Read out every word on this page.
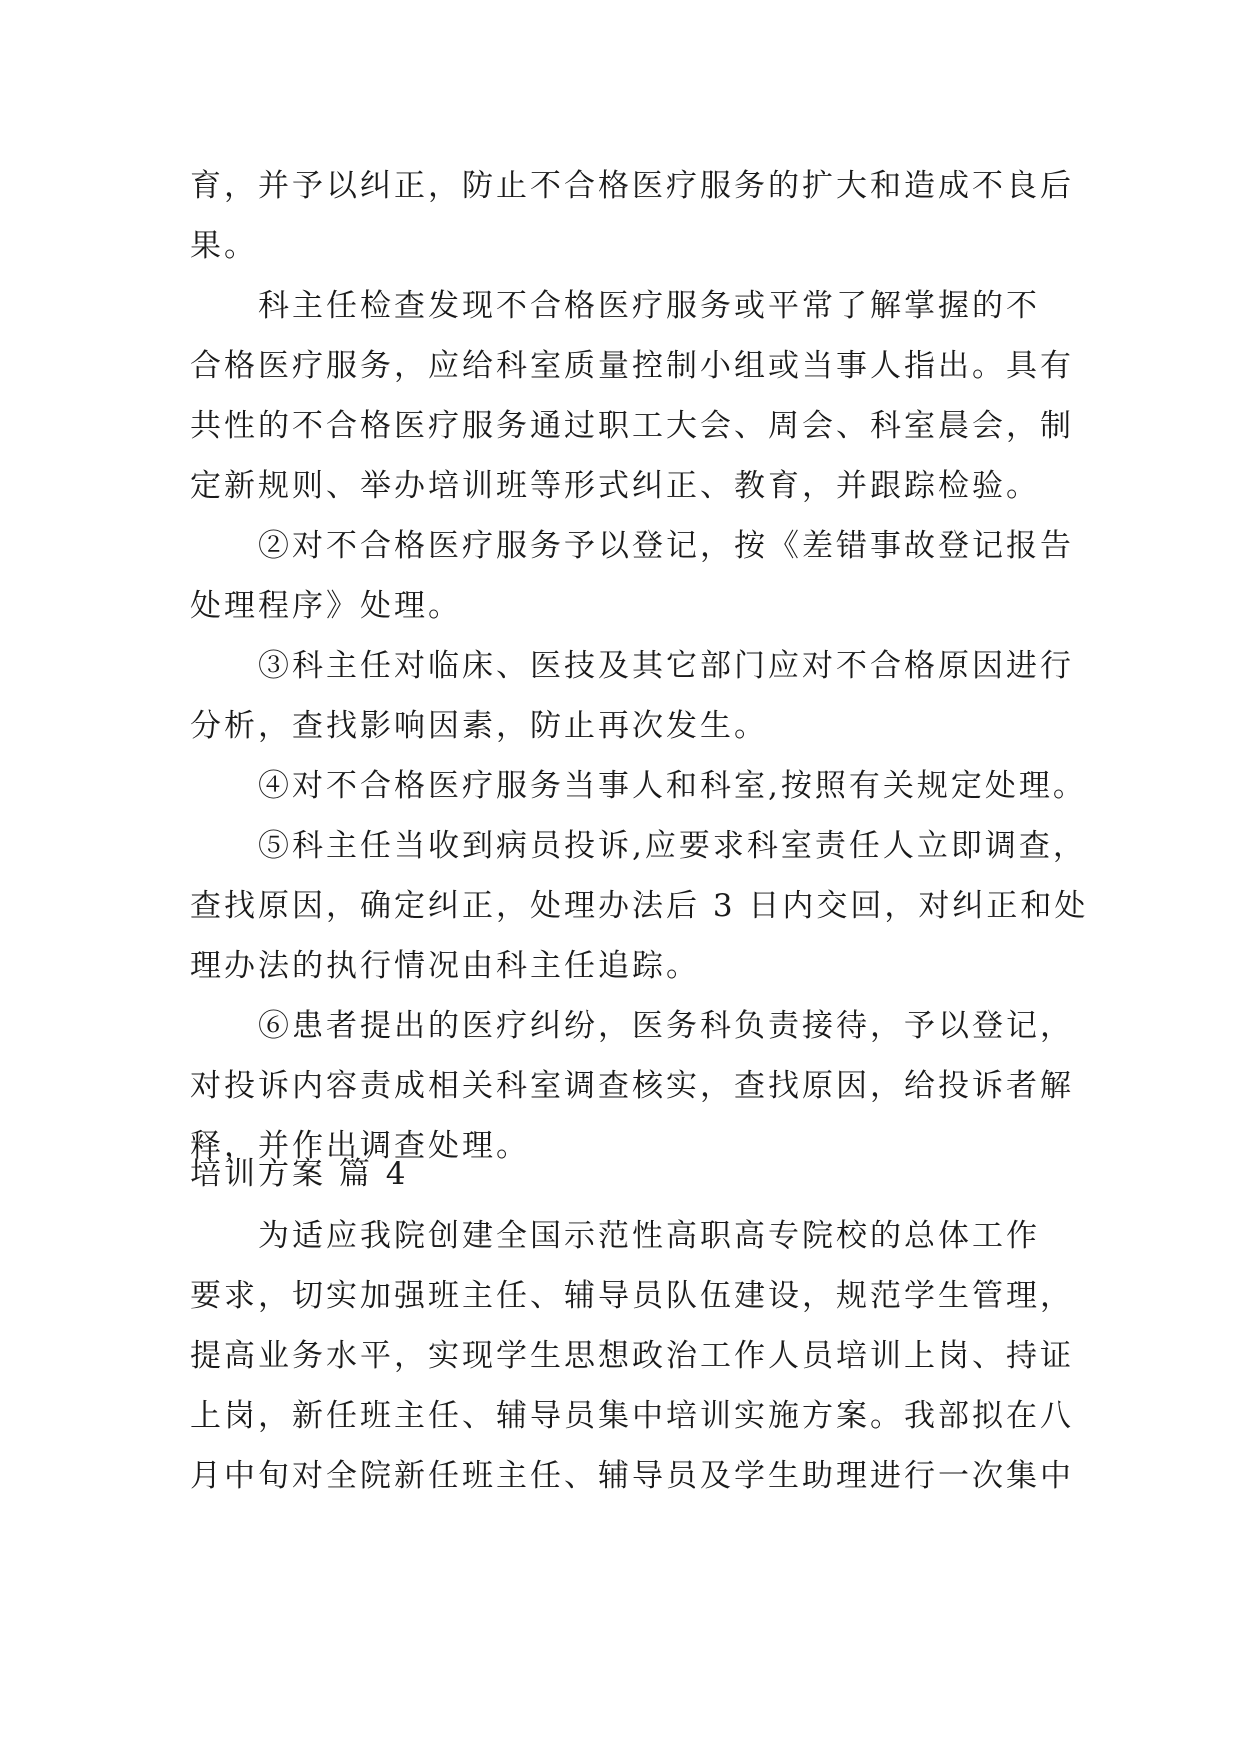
育，并予以纠正，防止不合格医疗服务的扩大和造成不良后
果。
　　科主任检查发现不合格医疗服务或平常了解掌握的不
合格医疗服务，应给科室质量控制小组或当事人指出。具有
共性的不合格医疗服务通过职工大会、周会、科室晨会，制
定新规则、举办培训班等形式纠正、教育，并跟踪检验。
　　②对不合格医疗服务予以登记，按《差错事故登记报告
处理程序》处理。
　　③科主任对临床、医技及其它部门应对不合格原因进行
分析，查找影响因素，防止再次发生。
　　④对不合格医疗服务当事人和科室,按照有关规定处理。
　　⑤科主任当收到病员投诉,应要求科室责任人立即调查，
查找原因，确定纠正，处理办法后 3 日内交回，对纠正和处
理办法的执行情况由科主任追踪。
　　⑥患者提出的医疗纠纷，医务科负责接待，予以登记，
对投诉内容责成相关科室调查核实，查找原因，给投诉者解
释，并作出调查处理。
培训方案 篇 4
　　为适应我院创建全国示范性高职高专院校的总体工作
要求，切实加强班主任、辅导员队伍建设，规范学生管理，
提高业务水平，实现学生思想政治工作人员培训上岗、持证
上岗，新任班主任、辅导员集中培训实施方案。我部拟在八
月中旬对全院新任班主任、辅导员及学生助理进行一次集中
